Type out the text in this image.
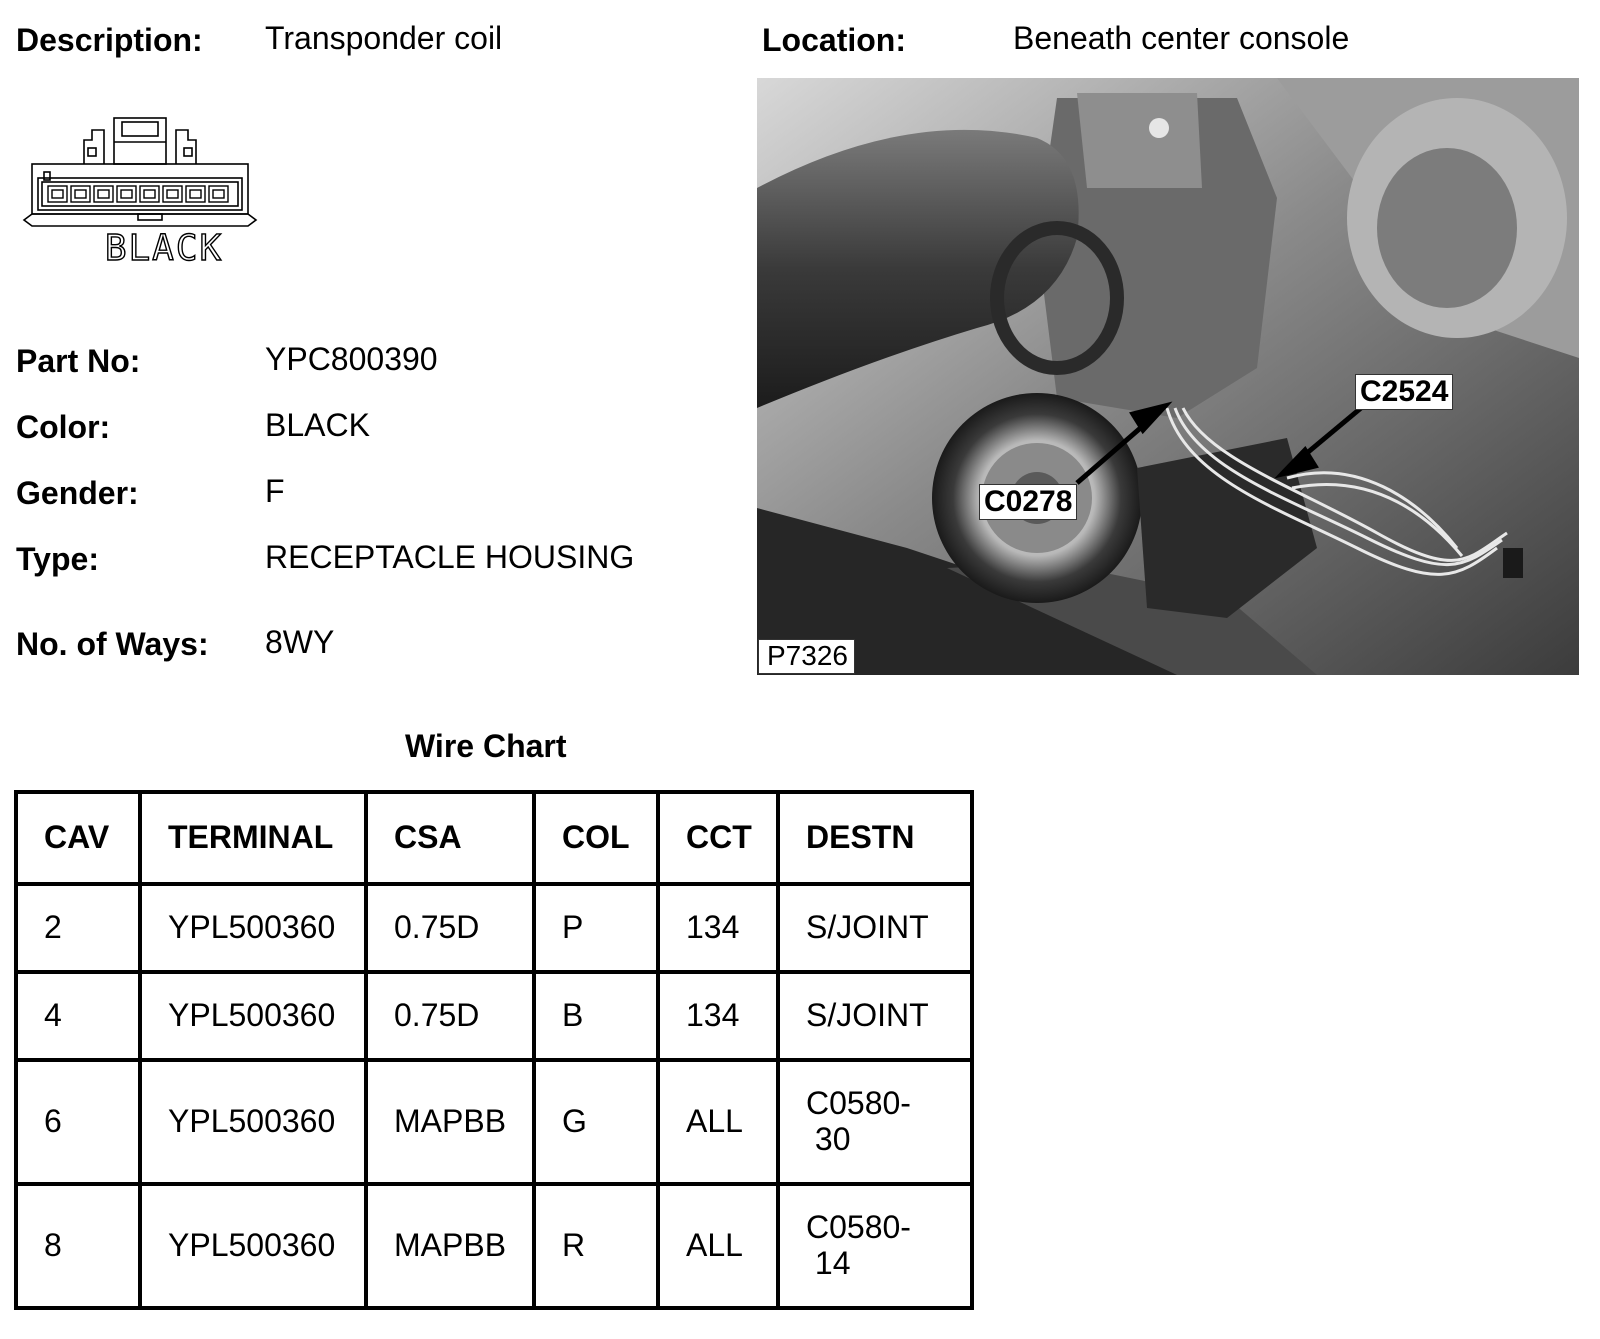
Description: Transponder coil	Location:	Beneath center console
BLACK
Part No:	YPC800390
Color:	BLACK
Gender:	F
Type:	RECEPTACLE HOUSING
No. of Ways: 8WY
C2524
C0278
P7326
Wire Chart
CAV	TERMINAL	CSA	COL	CCT	DESTN
2	YPL500360	0.75D	P	134	S/JOINT
4	YPL500360	0.75D	B	134	S/JOINT
6	YPL500360	MAPBB	G	ALL	C0580- 30
8	YPL500360	MAPBB	R	ALL	C0580- 14
